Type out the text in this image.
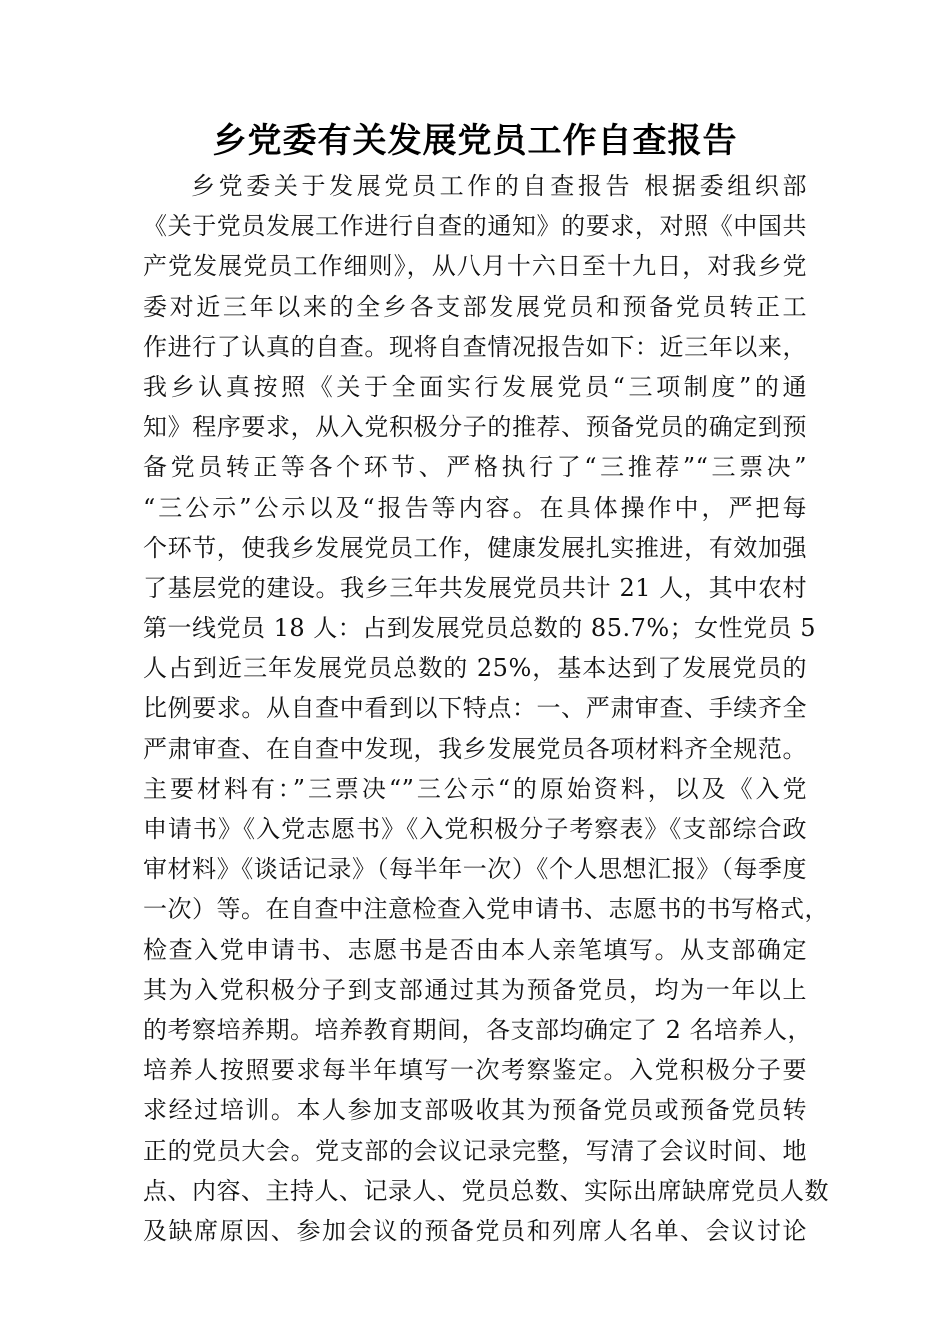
乡党委有关发展党员工作自查报告
乡党委关于发展党员工作的自查报告 根据委组织部
《关于党员发展工作进行自查的通知》的要求，对照《中国共
产党发展党员工作细则》，从八月十六日至十九日，对我乡党
委对近三年以来的全乡各支部发展党员和预备党员转正工
作进行了认真的自查。现将自查情况报告如下：近三年以来，
我乡认真按照《关于全面实行发展党员“三项制度”的通
知》程序要求，从入党积极分子的推荐、预备党员的确定到预
备党员转正等各个环节、严格执行了“三推荐”“三票决”
“三公示”公示以及“报告等内容。在具体操作中，严把每
个环节，使我乡发展党员工作，健康发展扎实推进，有效加强
了基层党的建设。我乡三年共发展党员共计 21 人，其中农村
第一线党员 18 人：占到发展党员总数的 85.7%；女性党员 5
人占到近三年发展党员总数的 25%，基本达到了发展党员的
比例要求。从自查中看到以下特点：一、严肃审查、手续齐全
严肃审查、在自查中发现，我乡发展党员各项材料齐全规范。
主要材料有：”三票决“”三公示“的原始资料，以及《入党
申请书》《入党志愿书》《入党积极分子考察表》《支部综合政
审材料》《谈话记录》（每半年一次）《个人思想汇报》（每季度
一次）等。在自查中注意检查入党申请书、志愿书的书写格式，
检查入党申请书、志愿书是否由本人亲笔填写。从支部确定
其为入党积极分子到支部通过其为预备党员，均为一年以上
的考察培养期。培养教育期间，各支部均确定了 2 名培养人，
培养人按照要求每半年填写一次考察鉴定。入党积极分子要
求经过培训。本人参加支部吸收其为预备党员或预备党员转
正的党员大会。党支部的会议记录完整，写清了会议时间、地
点、内容、主持人、记录人、党员总数、实际出席缺席党员人数
及缺席原因、参加会议的预备党员和列席人名单、会议讨论
